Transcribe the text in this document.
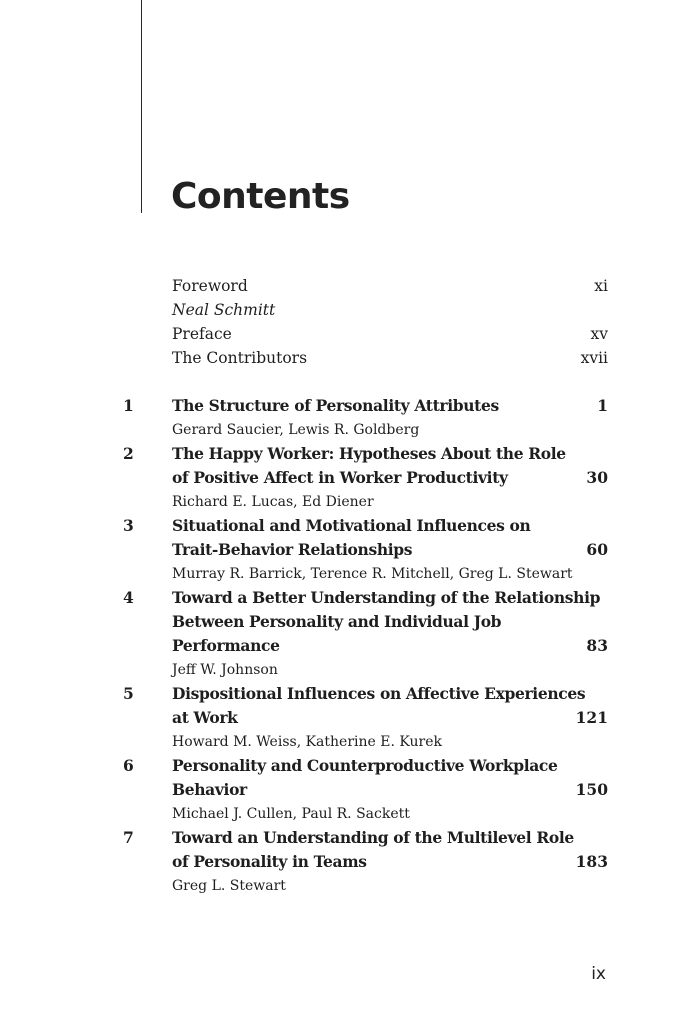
Contents
Foreword	xi
Neal Schmitt
Preface	xv
The Contributors	xvii
1	The Structure of Personality Attributes	1
Gerard Saucier, Lewis R. Goldberg
2	The Happy Worker: Hypotheses About the Role
of Positive Affect in Worker Productivity	30
Richard E. Lucas, Ed Diener
3	Situational and Motivational Influences on
Trait-Behavior Relationships	60
Murray R. Barrick, Terence R. Mitchell, Greg L. Stewart
4	Toward a Better Understanding of the Relationship
Between Personality and Individual Job
Performance	83
Jeff W. Johnson
5	Dispositional Influences on Affective Experiences
at Work	121
Howard M. Weiss, Katherine E. Kurek
6	Personality and Counterproductive Workplace
Behavior	150
Michael J. Cullen, Paul R. Sackett
7	Toward an Understanding of the Multilevel Role
of Personality in Teams	183
Greg L. Stewart
ix
